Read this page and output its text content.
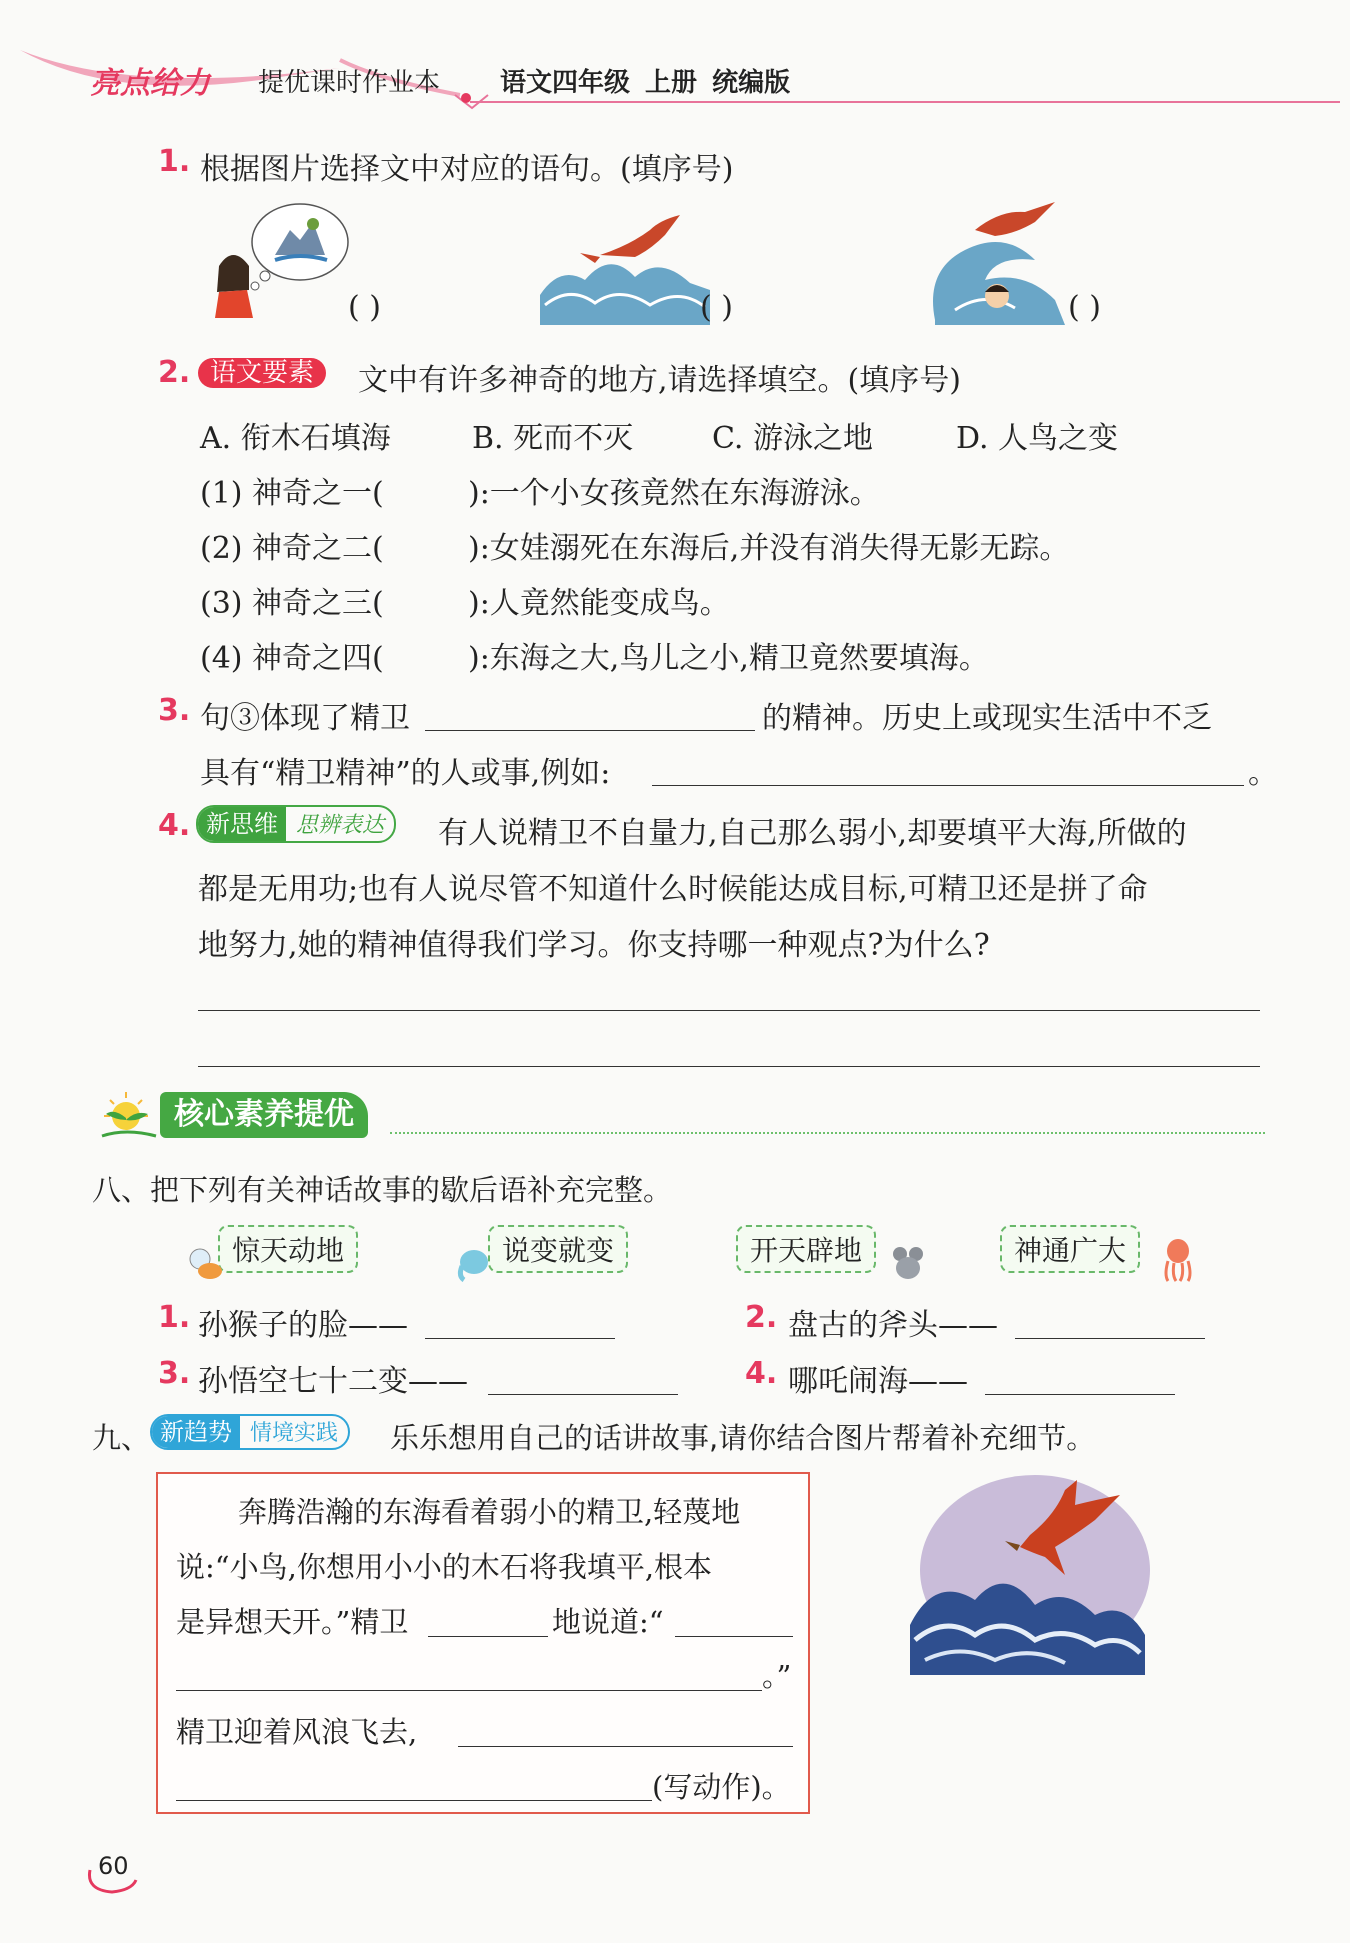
亮点给力 提优课时作业本 语文四年级 上册 统编版
1. 根据图片选择文中对应的语句。(填序号)
( )	( )	( )
2. 语文要素	文中有许多神奇的地方,请选择填空。(填序号)
A. 衔木石填海	B. 死而不灭	C. 游泳之地	D. 人鸟之变
(1) 神奇之一(	):一个小女孩竟然在东海游泳。
(2) 神奇之二(	):女娃溺死在东海后,并没有消失得无影无踪。
(3) 神奇之三(	):人竟然能变成鸟。
(4) 神奇之四(	):东海之大,鸟儿之小,精卫竟然要填海。
3. 句③体现了精卫	的精神。历史上或现实生活中不乏
具有“精卫精神”的人或事,例如:	。
4. 新思维 思辨表达	有人说精卫不自量力,自己那么弱小,却要填平大海,所做的
都是无用功;也有人说尽管不知道什么时候能达成目标,可精卫还是拼了命
地努力,她的精神值得我们学习。你支持哪一种观点?为什么?
核心素养提优
八、把下列有关神话故事的歇后语补充完整。
惊天动地	说变就变	开天辟地	神通广大
1. 孙猴子的脸——	2. 盘古的斧头——
3. 孙悟空七十二变——	4. 哪吒闹海——
九、 新趋势 情境实践	乐乐想用自己的话讲故事,请你结合图片帮着补充细节。
奔腾浩瀚的东海看着弱小的精卫,轻蔑地
说:“小鸟,你想用小小的木石将我填平,根本
是异想天开。”精卫	地说道:“
。”
精卫迎着风浪飞去,
(写动作)。
60
